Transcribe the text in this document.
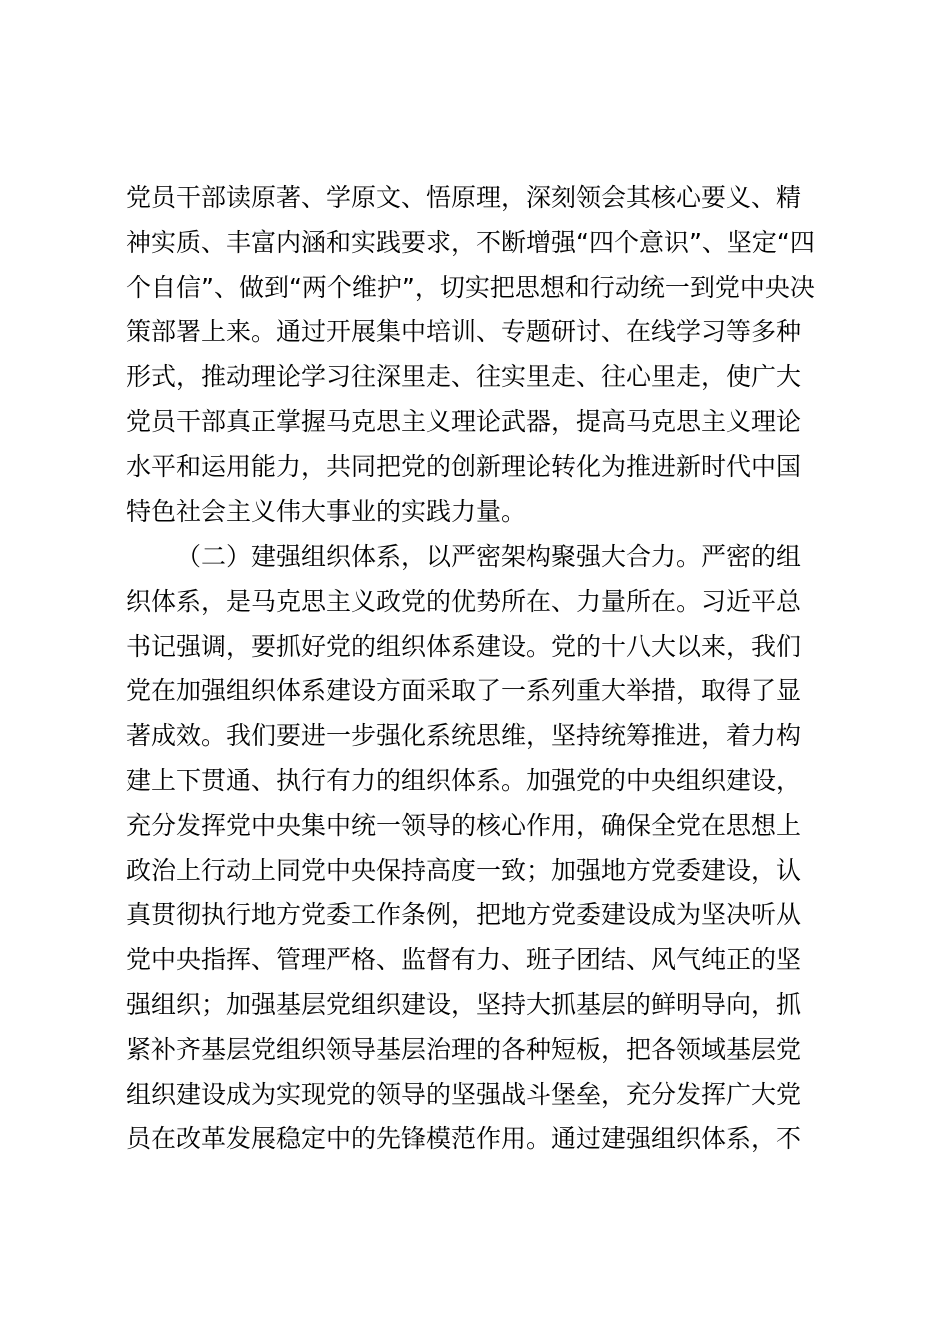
党员干部读原著、学原文、悟原理，深刻领会其核心要义、精
神实质、丰富内涵和实践要求，不断增强“四个意识”、坚定“四
个自信”、做到“两个维护”，切实把思想和行动统一到党中央决
策部署上来。通过开展集中培训、专题研讨、在线学习等多种
形式，推动理论学习往深里走、往实里走、往心里走，使广大
党员干部真正掌握马克思主义理论武器，提高马克思主义理论
水平和运用能力，共同把党的创新理论转化为推进新时代中国
特色社会主义伟大事业的实践力量。
（二）建强组织体系，以严密架构聚强大合力。严密的组
织体系，是马克思主义政党的优势所在、力量所在。习近平总
书记强调，要抓好党的组织体系建设。党的十八大以来，我们
党在加强组织体系建设方面采取了一系列重大举措，取得了显
著成效。我们要进一步强化系统思维，坚持统筹推进，着力构
建上下贯通、执行有力的组织体系。加强党的中央组织建设，
充分发挥党中央集中统一领导的核心作用，确保全党在思想上
政治上行动上同党中央保持高度一致；加强地方党委建设，认
真贯彻执行地方党委工作条例，把地方党委建设成为坚决听从
党中央指挥、管理严格、监督有力、班子团结、风气纯正的坚
强组织；加强基层党组织建设，坚持大抓基层的鲜明导向，抓
紧补齐基层党组织领导基层治理的各种短板，把各领域基层党
组织建设成为实现党的领导的坚强战斗堡垒，充分发挥广大党
员在改革发展稳定中的先锋模范作用。通过建强组织体系，不
